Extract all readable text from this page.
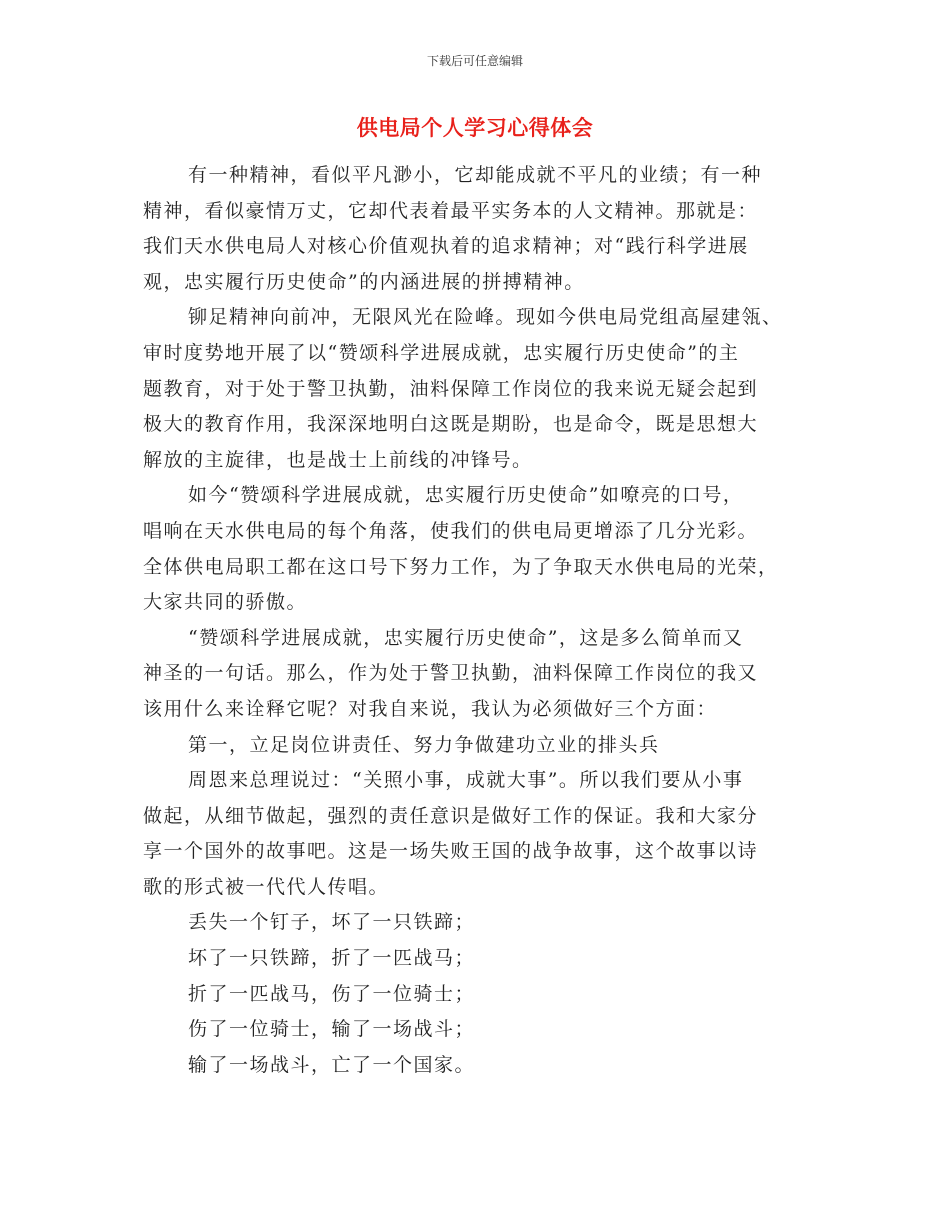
下载后可任意编辑
供电局个人学习心得体会
有一种精神，看似平凡渺小，它却能成就不平凡的业绩；有一种
精神，看似豪情万丈，它却代表着最平实务本的人文精神。那就是：
我们天水供电局人对核心价值观执着的追求精神；对“践行科学进展
观，忠实履行历史使命”的内涵进展的拼搏精神。
铆足精神向前冲，无限风光在险峰。现如今供电局党组高屋建瓴、
审时度势地开展了以“赞颂科学进展成就，忠实履行历史使命”的主
题教育，对于处于警卫执勤，油料保障工作岗位的我来说无疑会起到
极大的教育作用，我深深地明白这既是期盼，也是命令，既是思想大
解放的主旋律，也是战士上前线的冲锋号。
如今“赞颂科学进展成就，忠实履行历史使命”如嘹亮的口号，
唱响在天水供电局的每个角落，使我们的供电局更增添了几分光彩。
全体供电局职工都在这口号下努力工作，为了争取天水供电局的光荣，
大家共同的骄傲。
“赞颂科学进展成就，忠实履行历史使命”，这是多么简单而又
神圣的一句话。那么，作为处于警卫执勤，油料保障工作岗位的我又
该用什么来诠释它呢？对我自来说，我认为必须做好三个方面：
第一，立足岗位讲责任、努力争做建功立业的排头兵
周恩来总理说过：“关照小事，成就大事”。所以我们要从小事
做起，从细节做起，强烈的责任意识是做好工作的保证。我和大家分
享一个国外的故事吧。这是一场失败王国的战争故事，这个故事以诗
歌的形式被一代代人传唱。
丢失一个钉子，坏了一只铁蹄；
坏了一只铁蹄，折了一匹战马；
折了一匹战马，伤了一位骑士；
伤了一位骑士，输了一场战斗；
输了一场战斗，亡了一个国家。
